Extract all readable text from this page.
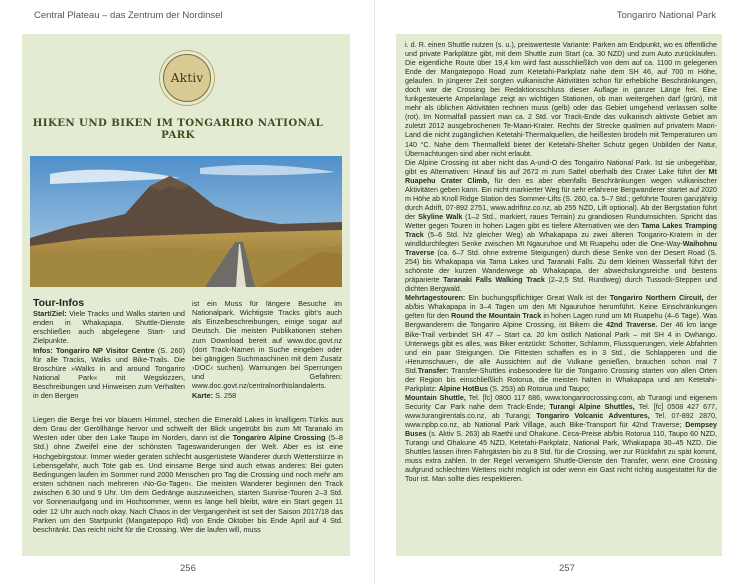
Central Plateau – das Zentrum der Nordinsel	Tongariro National Park
Aktiv
HIKEN UND BIKEN IM TONGARIRO NATIONAL PARK
Tour-Infos
Start/Ziel: Viele Tracks und Walks starten und enden in Whakapapa. Shuttle-Dienste erschließen auch abgelegene Start- und Zielpunkte.
Infos: Tongariro NP Visitor Centre (S. 260) für alle Tracks, Walks und Bike-Trails. Die Broschüre »Walks in and around Tongariro National Park« mit Wegskizzen, Beschreibungen und Hinweisen zum Verhalten in den Bergen
ist ein Muss für längere Besuche im Nationalpark. Wichtigste Tracks gibt's auch als Einzelbeschreibungen, einige sogar auf Deutsch. Die meisten Publikationen stehen zum Download bereit auf www.doc.govt.nz (dort Track-Namen in Suche eingeben oder bei gängigen Suchmaschinen mit dem Zusatz ›DOC‹ suchen). Warnungen bei Sperrungen und Gefahren: www.doc.govt.nz/centralnorthislandalerts.
Karte: S. 258
Liegen die Berge frei vor blauem Himmel, stechen die Emerald Lakes in knalligem Türkis aus dem Grau der Geröllhänge hervor und schweift der Blick ungetrübt bis zum Mt Taranaki im Westen oder über den Lake Taupo im Norden, dann ist die Tongariro Alpine Crossing (5–8 Std.) ohne Zweifel eine der schönsten Tageswanderungen der Welt. Aber es ist eine Hochgebirgstour. Immer wieder geraten schlecht ausgerüstete Wanderer durch Wetterstürze in Lebensgefahr, auch Tote gab es. Und einsame Berge sind auch etwas anderes: Bei guten Bedingungen laufen im Sommer rund 2000 Menschen pro Tag die Crossing und noch mehr am ersten schönen nach mehreren ›No-Go-Tagen‹. Die meisten Wanderer beginnen den Track zwischen 6.30 und 9 Uhr. Um dem Gedränge auszuweichen, starten Sunrise-Touren 2–3 Std. vor Sonnenaufgang und im Hochsommer, wenn es lange hell bleibt, wäre ein Start gegen 11 oder 12 Uhr auch noch okay. Nach Chaos in der Vergangenheit ist seit der Saison 2017/18 das Parken um den Startpunkt (Mangatepopo Rd) von Ende Oktober bis Ende April auf 4 Std. beschränkt. Das reicht nicht für die Crossing. Wer die laufen will, muss
256
i. d. R. einen Shuttle nutzen (s. u.), preiswerteste Variante: Parken am Endpunkt, wo es öffentliche und private Parkplätze gibt, mit dem Shuttle zum Start (ca. 30 NZD) und zum Auto zurücklaufen. Die eigentliche Route über 19,4 km wird fast ausschließlich von dem auf ca. 1100 m gelegenen Ende der Mangatepopo Road zum Ketetahi-Parkplatz nahe dem SH 46, auf 700 m Höhe, gelaufen. In jüngerer Zeit sorgten vulkanische Aktivitäten schon für erhebliche Beschränkungen, doch war die Crossing bei Redaktionsschluss dieser Auflage in ganzer Länge frei. Eine funkgesteuerte Ampelanlage zeigt an wichtigen Stationen, ob man weitergehen darf (grün), mit mehr als üblichen Aktivitäten rechnen muss (gelb) oder das Gebiet umgehend verlassen sollte (rot). Im Normalfall passiert man ca. 2 Std. vor Track-Ende das vulkanisch aktivste Gebiet am zuletzt 2012 ausgebrochenen Te-Maari-Krater. Rechts der Strecke qualmen auf privatem Maori-Land die nicht zugänglichen Ketetahi-Thermalquellen, die heißesten brodeln mit Temperaturen um 140 °C. Nahe dem Thermalfeld bietet der Ketetahi-Shelter Schutz gegen Unbilden der Natur, Übernachtungen sind aber nicht erlaubt.
Die Alpine Crossing ist aber nicht das A-und-O des Tongariro National Park. Ist sie unbegehbar, gibt es Alternativen: Hinauf bis auf 2672 m zum Sattel oberhalb des Crater Lake führt der Mt Ruapehu Crater Climb, für den es aber ebenfalls Beschränkungen wegen vulkanischer Aktivitäten geben kann. Ein nicht markierter Weg für sehr erfahrene Bergwanderer startet auf 2020 m Höhe ab Knoll Ridge Station des Sommer-Lifts (S. 260, ca. 5–7 Std.; geführte Touren ganzjährig durch Adrift, 07-892 2751, www.adriftnz.co.nz, ab 255 NZD, Lift optional). Ab der Bergstation führt der Skyline Walk (1–2 Std., markiert, raues Terrain) zu grandiosen Rundumsichten. Spricht das Wetter gegen Touren in hohen Lagen gibt es tiefere Alternativen wie den Tama Lakes Tramping Track (5–6 Std. h/z gleicher Weg) ab Whakapapa zu zwei älteren Tongariro-Kratern in der windldurchfegten Senke zwischen Mt Ngauruhoe und Mt Ruapehu oder die One-Way-Waihohnu Traverse (ca. 6–7 Std. ohne extreme Steigungen) durch diese Senke von der Desert Road (S. 254) bis Whakapapa via Tama Lakes und Taranaki Falls. Zu dem kleinen Wasserfall führt der schönste der kurzen Wanderwege ab Whakapapa, der abwechslungsreiche und bestens präparierte Taranaki Falls Walking Track (2–2,5 Std. Rundweg) durch Tussock-Steppen und dichten Bergwald.
Mehrtagestouren: Ein buchungspflichtiger Great Walk ist der Tongariro Northern Circuit, der ab/bis Whakapapa in 3–4 Tagen um den Mt Ngauruhoe herumführt. Keine Einschränkungen gelten für den Round the Mountain Track in hohen Lagen rund um Mt Ruapehu (4–6 Tage). Was Bergwanderern die Tongariro Alpine Crossing, ist Bikern die 42nd Traverse. Der 46 km lange Bike-Trail verbindet SH 47 – Start ca. 20 km östlich National Park – mit SH 4 in Owhango. Unterwegs gibt es alles, was Biker entzückt: Schotter, Schlamm, Flussquerungen, viele Abfahrten und ein paar Steigungen. Die Fittesten schaffen es in 3 Std., die Schlapperen und die ›Herumschauer‹, die alle Aussichten auf die Vulkane genießen, brauchen schon mal 7 Std.Transfer: Transfer-Shuttles insbesondere für die Tongariro Crossing starten von allen Orten der Region bis einschließlich Rotorua, die meisten halten in Whakapapa und am Ketetahi-Parkplatz: Alpine HotBus (S. 253) ab Rotorua und Taupo;
Mountain Shuttle, Tel. [fc] 0800 117 686, www.tongarirocrossing.com, ab Turangi und eigenem Security Car Park nahe dem Track-Ende; Turangi Alpine Shuttles, Tel. [fc] 0508 427 677, www.turangirentals.co.nz, ab Turangi; Tongariro Volcanic Adventures, Tel. 07-892 2870, www.npbp.co.nz, ab National Park Village, auch Bike-Transport für 42nd Traverse; Dempsey Buses (s. Aktiv S. 263) ab Raethi und Ohakune. Circa-Preise ab/bis Rotorua 110, Taupo 60 NZD, Turangi und Ohakune 45 NZD, Ketetahi-Parkplatz, National Park, Whakapapa 30–45 NZD. Die Shuttles lassen ihren Fahrgästen bis zu 8 Std. für die Crossing, wer zur Rückfahrt zu spät kommt, muss extra zahlen. In der Regel verweigern Shuttle-Dienste den Transfer, wenn eine Crossing aufgrund schlechten Wetters nicht möglich ist oder wenn ein Gast nicht richtig ausgestattet für die Tour ist. Man sollte dies respektieren.
257
